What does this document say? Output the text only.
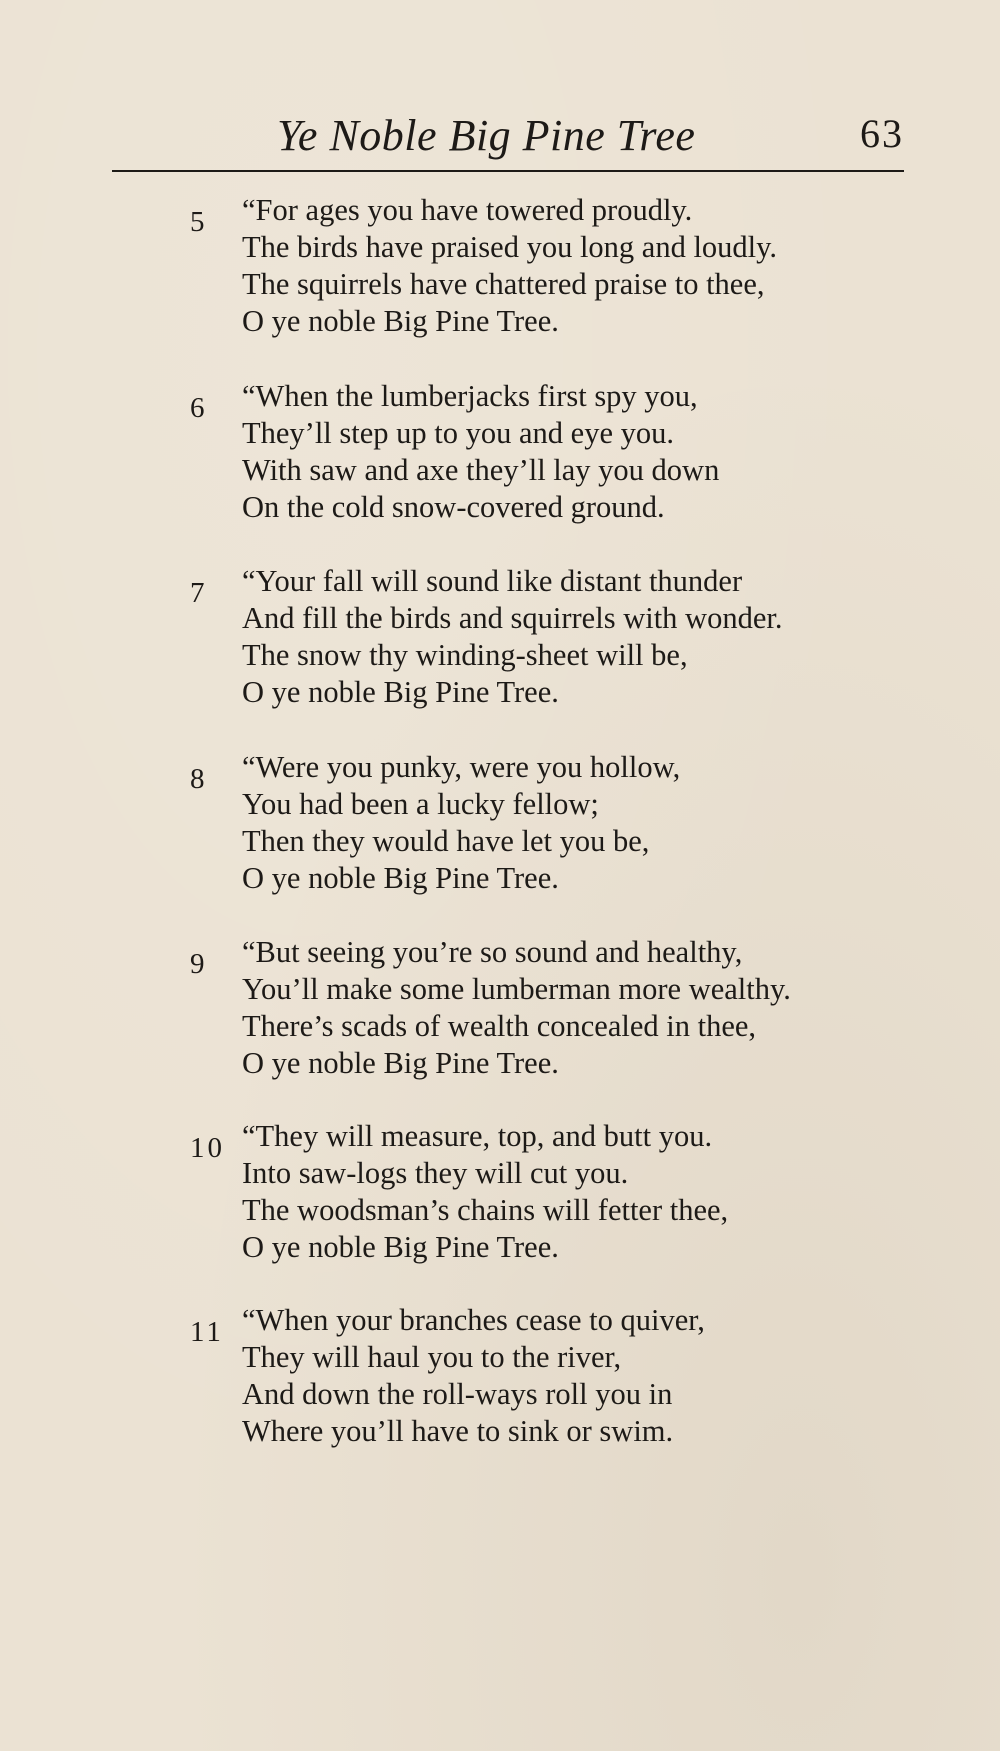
Ye Noble Big Pine Tree	63
5	“For ages you have towered proudly.
The birds have praised you long and loudly.
The squirrels have chattered praise to thee,
O ye noble Big Pine Tree.
6	“When the lumberjacks first spy you,
They’ll step up to you and eye you.
With saw and axe they’ll lay you down
On the cold snow-covered ground.
7	“Your fall will sound like distant thunder
And fill the birds and squirrels with wonder.
The snow thy winding-sheet will be,
O ye noble Big Pine Tree.
8	“Were you punky, were you hollow,
You had been a lucky fellow;
Then they would have let you be,
O ye noble Big Pine Tree.
9	“But seeing you’re so sound and healthy,
You’ll make some lumberman more wealthy.
There’s scads of wealth concealed in thee,
O ye noble Big Pine Tree.
10 “They will measure, top, and butt you.
Into saw-logs they will cut you.
The woodsman’s chains will fetter thee,
O ye noble Big Pine Tree.
11 “When your branches cease to quiver,
They will haul you to the river,
And down the roll-ways roll you in
Where you’ll have to sink or swim.
